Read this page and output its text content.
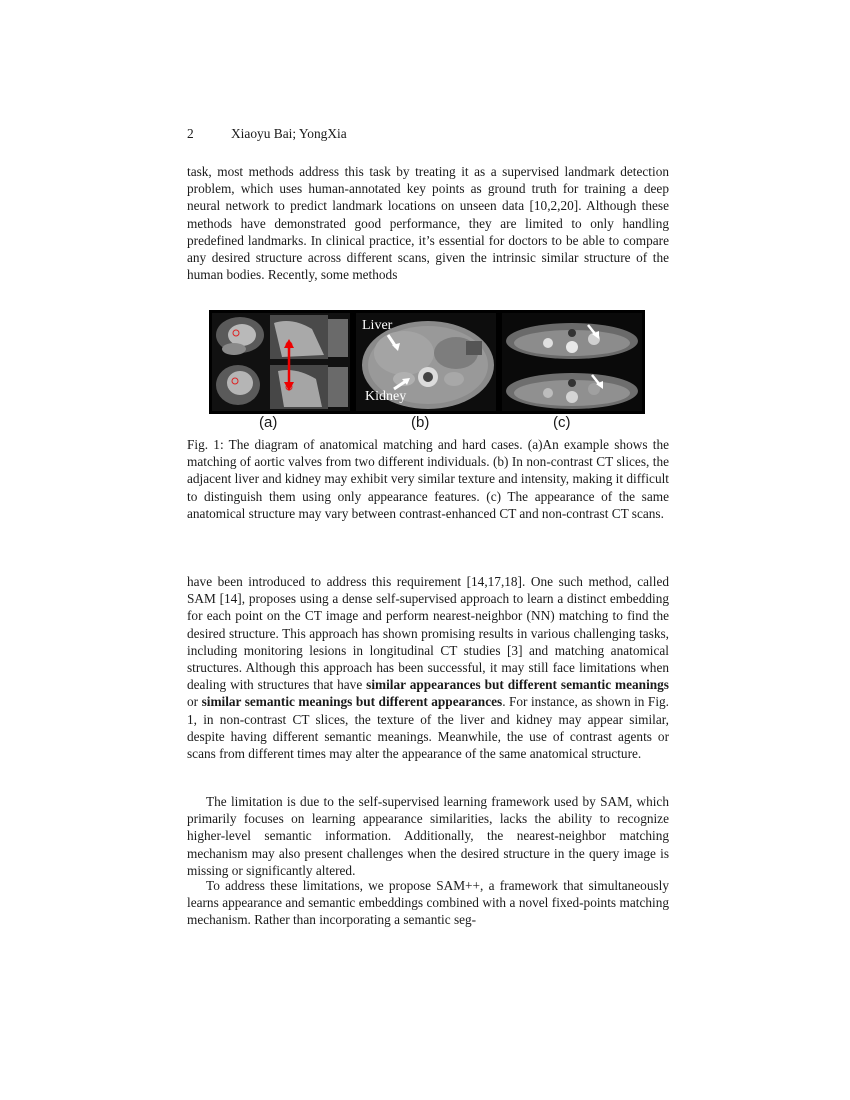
2	Xiaoyu Bai; YongXia

task, most methods address this task by treating it as a supervised landmark detection problem, which uses human-annotated key points as ground truth for training a deep neural network to predict landmark locations on unseen data [10,2,20]. Although these methods have demonstrated good performance, they are limited to only handling predefined landmarks. In clinical practice, it’s essential for doctors to be able to compare any desired structure across different scans, given the intrinsic similar structure of the human bodies. Recently, some methods

Liver
Kidney
(a)	(b)	(c)

Fig. 1: The diagram of anatomical matching and hard cases. (a)An example shows the matching of aortic valves from two different individuals. (b) In non-contrast CT slices, the adjacent liver and kidney may exhibit very similar texture and intensity, making it difficult to distinguish them using only appearance features. (c) The appearance of the same anatomical structure may vary between contrast-enhanced CT and non-contrast CT scans.

have been introduced to address this requirement [14,17,18]. One such method, called SAM [14], proposes using a dense self-supervised approach to learn a distinct embedding for each point on the CT image and perform nearest-neighbor (NN) matching to find the desired structure. This approach has shown promising results in various challenging tasks, including monitoring lesions in longitudinal CT studies [3] and matching anatomical structures. Although this approach has been successful, it may still face limitations when dealing with structures that have similar appearances but different semantic meanings or similar semantic meanings but different appearances. For instance, as shown in Fig. 1, in non-contrast CT slices, the texture of the liver and kidney may appear similar, despite having different semantic meanings. Meanwhile, the use of contrast agents or scans from different times may alter the appearance of the same anatomical structure.

The limitation is due to the self-supervised learning framework used by SAM, which primarily focuses on learning appearance similarities, lacks the ability to recognize higher-level semantic information. Additionally, the nearest-neighbor matching mechanism may also present challenges when the desired structure in the query image is missing or significantly altered.

To address these limitations, we propose SAM++, a framework that simultaneously learns appearance and semantic embeddings combined with a novel fixed-points matching mechanism. Rather than incorporating a semantic seg-
